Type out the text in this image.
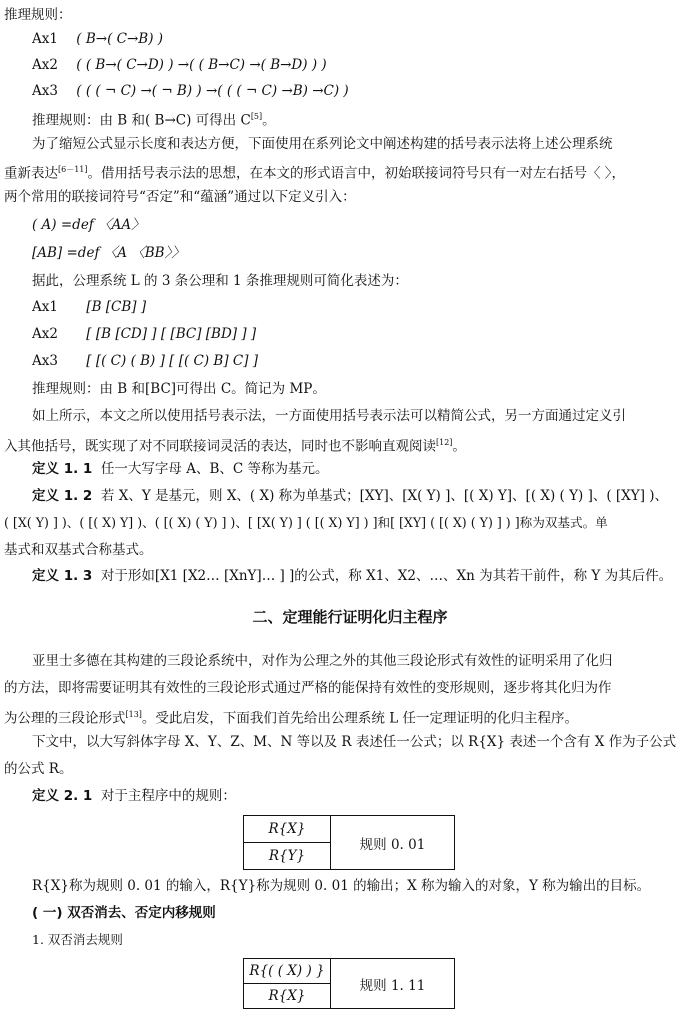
推理规则：
Ax1 ( B→( C→B) )
Ax2 ( ( B→( C→D) ) →( ( B→C) →( B→D) ) )
Ax3 ( ( ( ¬ C) →( ¬ B) ) →( ( ( ¬ C) →B) →C) )
推理规则：由 B 和( B→C) 可得出 C[5]。
为了缩短公式显示长度和表达方便，下面使用在系列论文中阐述构建的括号表示法将上述公理系统
重新表达[6－11]。借用括号表示法的思想，在本文的形式语言中，初始联接词符号只有一对左右括号〈 〉，
两个常用的联接词符号“否定”和“蕴涵”通过以下定义引入：
( A) =def 〈AA〉
[AB] =def 〈A 〈BB〉〉
据此，公理系统 L 的 3 条公理和 1 条推理规则可简化表述为：
Ax1 [B [CB] ]
Ax2 [ [B [CD] ] [ [BC] [BD] ] ]
Ax3 [ [( C) ( B) ] [ [( C) B] C] ]
推理规则：由 B 和[BC]可得出 C。简记为 MP。
如上所示，本文之所以使用括号表示法，一方面使用括号表示法可以精简公式，另一方面通过定义引
入其他括号，既实现了对不同联接词灵活的表达，同时也不影响直观阅读[12]。
定义 1. 1 任一大写字母 A、B、C 等称为基元。
定义 1. 2 若 X、Y 是基元，则 X、( X) 称为单基式；[XY]、[X( Y) ]、[( X) Y]、[( X) ( Y) ]、( [XY] )、
( [X( Y) ] )、( [( X) Y] )、( [( X) ( Y) ] )、[ [X( Y) ] ( [( X) Y] ) ]和[ [XY] ( [( X) ( Y) ] ) ]称为双基式。单
基式和双基式合称基式。
定义 1. 3 对于形如[X1 [X2… [XnY]… ] ]的公式，称 X1、X2、…、Xn 为其若干前件，称 Y 为其后件。
二、定理能行证明化归主程序
亚里士多德在其构建的三段论系统中，对作为公理之外的其他三段论形式有效性的证明采用了化归
的方法，即将需要证明其有效性的三段论形式通过严格的能保持有效性的变形规则，逐步将其化归为作
为公理的三段论形式[13]。受此启发，下面我们首先给出公理系统 L 任一定理证明的化归主程序。
下文中，以大写斜体字母 X、Y、Z、M、N 等以及 R 表述任一公式；以 R{X} 表述一个含有 X 作为子公式
的公式 R。
定义 2. 1 对于主程序中的规则：
R{X}	规则 0. 01
R{Y}
R{X}称为规则 0. 01 的输入，R{Y}称为规则 0. 01 的输出；X 称为输入的对象，Y 称为输出的目标。
( 一) 双否消去、否定内移规则
1. 双否消去规则
R{( ( X) ) }	规则 1. 11
R{X}
